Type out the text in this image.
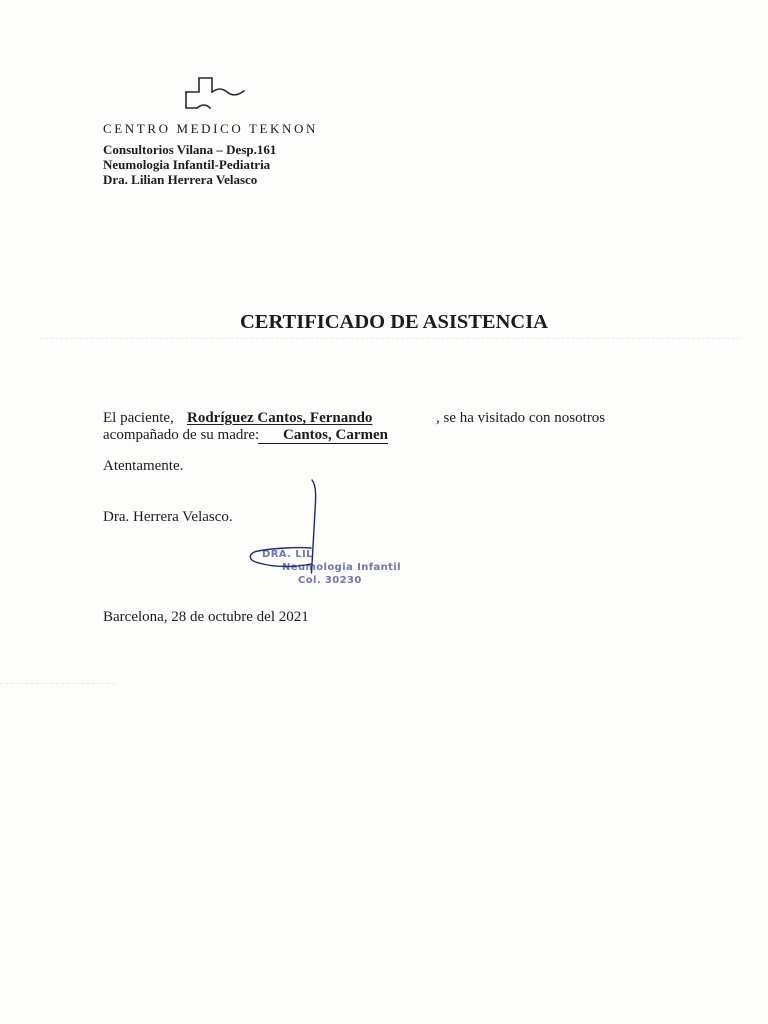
CENTRO MEDICO TEKNON
Consultorios Vilana – Desp.161
Neumologia Infantil-Pediatria
Dra. Lilian Herrera Velasco
CERTIFICADO DE ASISTENCIA
El paciente, Rodríguez Cantos, Fernando	, se ha visitado con nosotros
acompañado de su madre:	Cantos, Carmen
Atentamente.
Dra. Herrera Velasco.
DRA. LIL
Neumologia Infantil
Col. 30230
Barcelona, 28 de octubre del 2021
